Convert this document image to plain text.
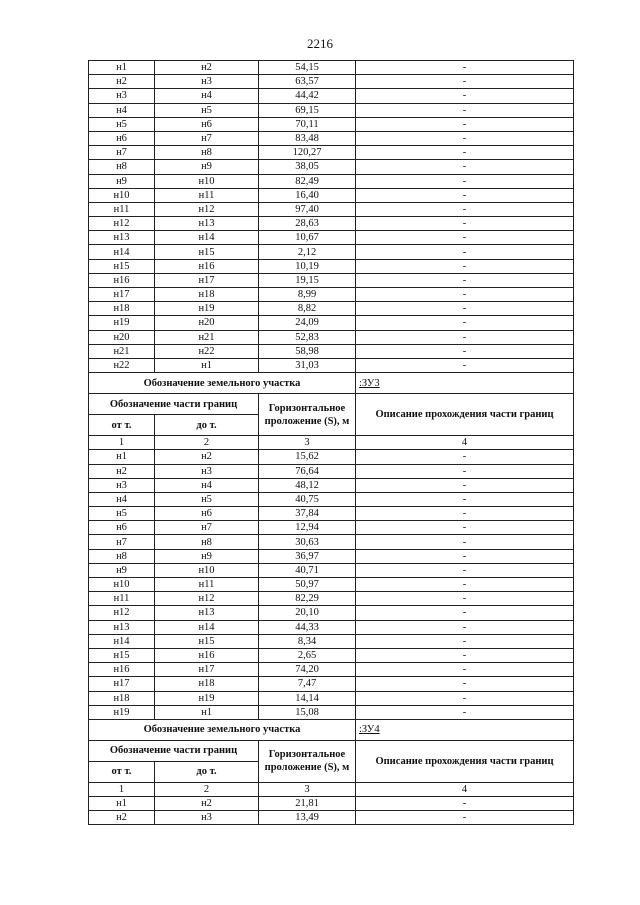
2216
н1	н2	54,15	-
н2	н3	63,57	-
н3	н4	44,42	-
н4	н5	69,15	-
н5	н6	70,11	-
н6	н7	83,48	-
н7	н8	120,27	-
н8	н9	38,05	-
н9	н10	82,49	-
н10	н11	16,40	-
н11	н12	97,40	-
н12	н13	28,63	-
н13	н14	10,67	-
н14	н15	2,12	-
н15	н16	10,19	-
н16	н17	19,15	-
н17	н18	8,99	-
н18	н19	8,82	-
н19	н20	24,09	-
н20	н21	52,83	-
н21	н22	58,98	-
н22	н1	31,03	-
Обозначение земельного участка			:ЗУ3
Обозначение части границ		Горизонтальное проложение (S), м	Описание прохождения части границ
от т.	до т.		
1	2	3	4
н1	н2	15,62	-
н2	н3	76,64	-
н3	н4	48,12	-
н4	н5	40,75	-
н5	н6	37,84	-
н6	н7	12,94	-
н7	н8	30,63	-
н8	н9	36,97	-
н9	н10	40,71	-
н10	н11	50,97	-
н11	н12	82,29	-
н12	н13	20,10	-
н13	н14	44,33	-
н14	н15	8,34	-
н15	н16	2,65	-
н16	н17	74,20	-
н17	н18	7,47	-
н18	н19	14,14	-
н19	н1	15,08	-
Обозначение земельного участка			:ЗУ4
Обозначение части границ		Горизонтальное проложение (S), м	Описание прохождения части границ
от т.	до т.		
1	2	3	4
н1	н2	21,81	-
н2	н3	13,49	-
